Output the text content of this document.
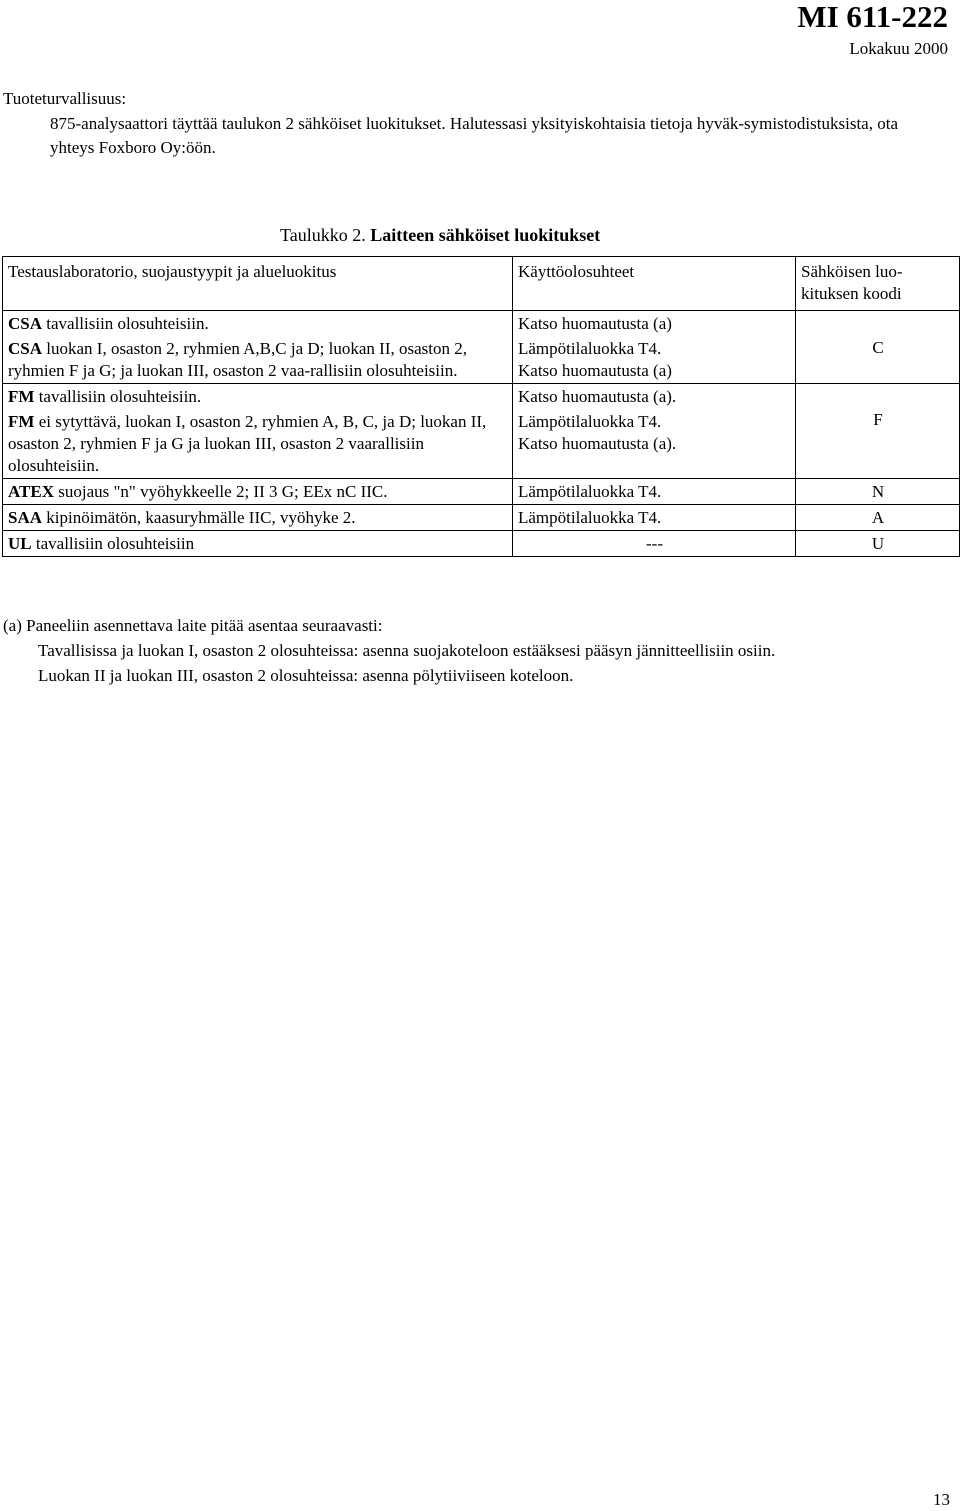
MI 611-222
Lokakuu 2000
Tuoteturvallisuus:
875-analysaattori täyttää taulukon 2 sähköiset luokitukset. Halutessasi yksityiskohtaisia tietoja hyväk-symistodistuksista, ota yhteys Foxboro Oy:öön.
Taulukko 2. Laitteen sähköiset luokitukset
Testauslaboratorio, suojaustyypit ja alueluokitus	Käyttöolosuhteet	Sähköisen luo-kituksen koodi
CSA tavallisiin olosuhteisiin.	Katso huomautusta (a)	C
CSA luokan I, osaston 2, ryhmien A,B,C ja D; luokan II, osaston 2, ryhmien F ja G; ja luokan III, osaston 2 vaa-rallisiin olosuhteisiin.	Lämpötilaluokka T4.
Katso huomautusta (a)	

FM tavallisiin olosuhteisiin.	Katso huomautusta (a).	F
FM ei sytyttävä, luokan I, osaston 2, ryhmien A, B, C, ja D; luokan II, osaston 2, ryhmien F ja G ja luokan III, osaston 2 vaarallisiin olosuhteisiin.	Lämpötilaluokka T4.
Katso huomautusta (a).	

ATEX suojaus "n" vyöhykkeelle 2; II 3 G; EEx nC IIC.	Lämpötilaluokka T4.	N
SAA kipinöimätön, kaasuryhmälle IIC, vyöhyke 2.	Lämpötilaluokka T4.	A
UL tavallisiin olosuhteisiin	---	U
(a) Paneeliin asennettava laite pitää asentaa seuraavasti:
Tavallisissa ja luokan I, osaston 2 olosuhteissa: asenna suojakoteloon estääksesi pääsyn jännitteellisiin osiin.
Luokan II ja luokan III, osaston 2 olosuhteissa: asenna pölytiiviiseen koteloon.
13
